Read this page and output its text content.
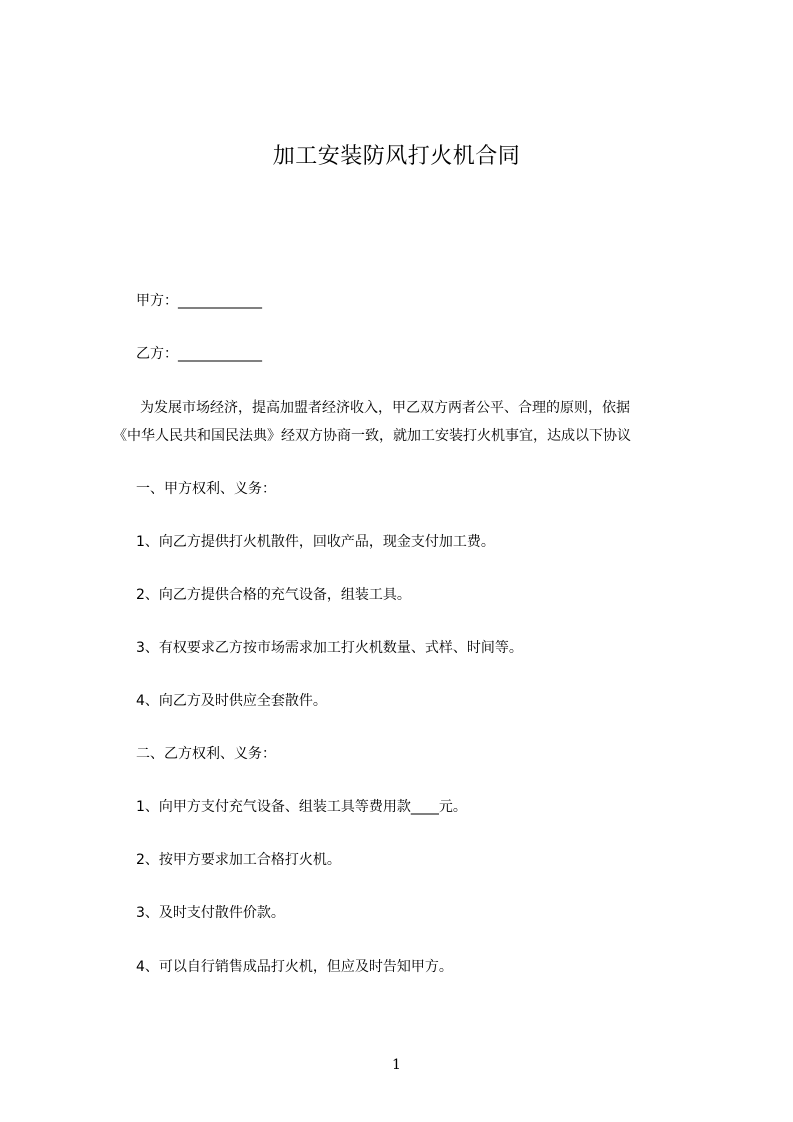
加工安装防风打火机合同
甲方：____________
乙方：____________
为发展市场经济，提高加盟者经济收入，甲乙双方两者公平、合理的原则，依据
《中华人民共和国民法典》经双方协商一致，就加工安装打火机事宜，达成以下协议
一、甲方权利、义务：
1、向乙方提供打火机散件，回收产品，现金支付加工费。
2、向乙方提供合格的充气设备，组装工具。
3、有权要求乙方按市场需求加工打火机数量、式样、时间等。
4、向乙方及时供应全套散件。
二、乙方权利、义务：
1、向甲方支付充气设备、组装工具等费用款____元。
2、按甲方要求加工合格打火机。
3、及时支付散件价款。
4、可以自行销售成品打火机，但应及时告知甲方。
1
